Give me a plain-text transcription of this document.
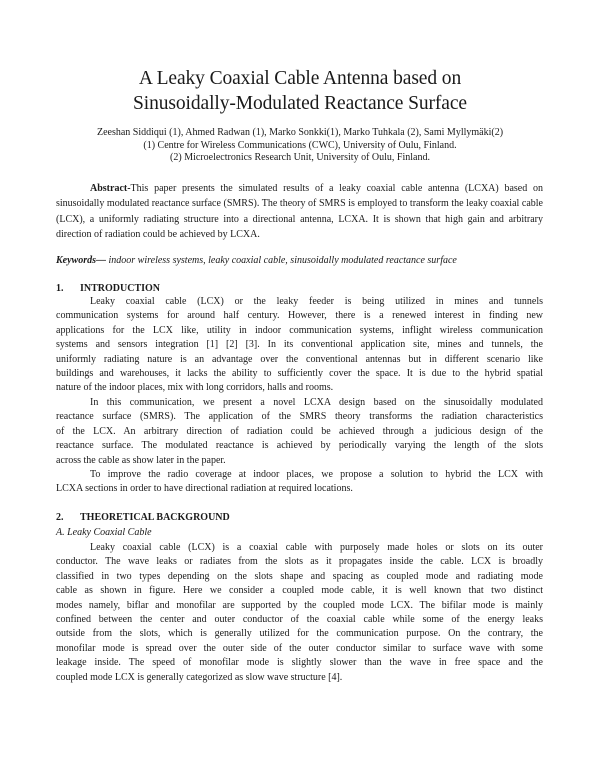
A Leaky Coaxial Cable Antenna based on
Sinusoidally-Modulated Reactance Surface
Zeeshan Siddiqui (1), Ahmed Radwan (1), Marko Sonkki(1), Marko Tuhkala (2), Sami Myllymäki(2)
(1) Centre for Wireless Communications (CWC), University of Oulu, Finland.
(2) Microelectronics Research Unit, University of Oulu, Finland.
Abstract-This paper presents the simulated results of a leaky coaxial cable antenna (LCXA) based on sinusoidally modulated reactance surface (SMRS). The theory of SMRS is employed to transform the leaky coaxial cable (LCX), a uniformly radiating structure into a directional antenna, LCXA. It is shown that high gain and arbitrary direction of radiation could be achieved by LCXA.
Keywords— indoor wireless systems, leaky coaxial cable, sinusoidally modulated reactance surface
1. INTRODUCTION
Leaky coaxial cable (LCX) or the leaky feeder is being utilized in mines and tunnels
communication systems for around half century. However, there is a renewed interest in finding new
applications for the LCX like, utility in indoor communication systems, inflight wireless communication
systems and sensors integration [1] [2] [3]. In its conventional application site, mines and tunnels, the
uniformly radiating nature is an advantage over the conventional antennas but in different scenario like
buildings and warehouses, it lacks the ability to sufficiently cover the space. It is due to the hybrid spatial
nature of the indoor places, mix with long corridors, halls and rooms.
In this communication, we present a novel LCXA design based on the sinusoidally modulated
reactance surface (SMRS). The application of the SMRS theory transforms the radiation characteristics
of the LCX. An arbitrary direction of radiation could be achieved through a judicious design of the
reactance surface. The modulated reactance is achieved by periodically varying the length of the slots
across the cable as show later in the paper.
To improve the radio coverage at indoor places, we propose a solution to hybrid the LCX with
LCXA sections in order to have directional radiation at required locations.
2. THEORETICAL BACKGROUND
A. Leaky Coaxial Cable
Leaky coaxial cable (LCX) is a coaxial cable with purposely made holes or slots on its outer
conductor. The wave leaks or radiates from the slots as it propagates inside the cable. LCX is broadly
classified in two types depending on the slots shape and spacing as coupled mode and radiating mode
cable as shown in figure. Here we consider a coupled mode cable, it is well known that two distinct
modes namely, biflar and monofilar are supported by the coupled mode LCX. The bifilar mode is mainly
confined between the center and outer conductor of the coaxial cable while some of the energy leaks
outside from the slots, which is generally utilized for the communication purpose. On the contrary, the
monofilar mode is spread over the outer side of the outer conductor similar to surface wave with some
leakage inside. The speed of monofilar mode is slightly slower than the wave in free space and the
coupled mode LCX is generally categorized as slow wave structure [4].
